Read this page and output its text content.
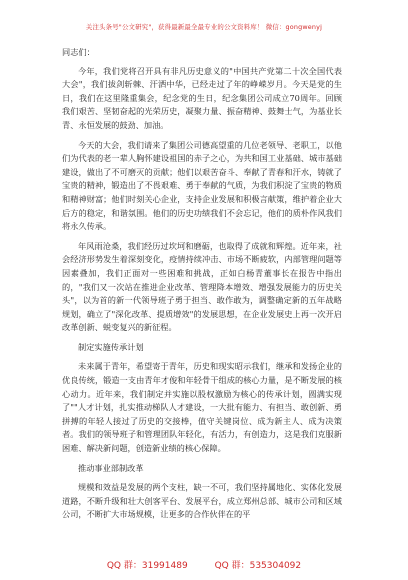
关注头条号"公文研究"，获得最新最全最专业的公文资料库！ 微信：gongwenyj

同志们：

今年，我们党将召开具有非凡历史意义的"中国共产党第二十次全国代表大会"，我们拔剑斩棘、汗洒中华，已经走过了年的峥嵘岁月。今天是党的生日，我们在这里隆重集会，纪念党的生日，纪念集团公司成立70周年。回顾我们艰苦、坚韧奋起的光荣历史，凝聚力量、振奋精神、鼓舞士气，为基业长青、永恒发展的鼓劲、加油。

今天的大会，我们请来了集团公司德高望重的几位老领导、老职工，以他们为代表的老一辈人胸怀建设祖国的赤子之心，为共和国工业基础、城市基础建设，做出了不可磨灭的贡献；他们以艰苦奋斗、奉献了青春和汗水，铸就了宝贵的精神，锻造出了不畏艰难、勇于奉献的气质，为我们积淀了宝贵的物质和精神财富；他们时刻关心企业，支持企业发展和积极言献策，维护着企业大后方的稳定，和谐氛围。他们的历史功绩我们不会忘记，他们的质朴作风我们将永久传承。

年风雨沧桑，我们经历过坎坷和磨砺，也取得了成就和辉煌。近年来，社会经济形势发生着深刻变化，疫情持续冲击、市场不断疲软，内部管理问题等因素叠加，我们正面对一些困难和挑战，正如白杨青董事长在报告中指出的，"我们又一次站在推进企业改革、管理降本增效、增强发展能力的历史关头"，以为首的新一代领导班子勇于担当、敢作敢为，调整确定新的五年战略规划，确立了"深化改革、提质增效"的发展思想，在企业发展史上再一次开启改革创新、蜕变复兴的新征程。

制定实施传承计划

未来属于青年，希望寄于青年，历史和现实昭示我们，继承和发扬企业的优良传统，锻造一支由青年才俊和年轻骨干组成的核心力量，是不断发展的核心动力。近年来，我们制定并实施以股权激励为核心的传承计划，圆满实现了""人才计划，扎实推动梯队人才建设，一大批有能力、有担当、敢创新、勇拼搏的年轻人接过了历史的交接棒，值守关键岗位、成为新主人、成为决策者。我们的领导班子和管理团队年轻化，有活力，有创造力，这是我们克服新困难、解决新问题，创造新业绩的核心保障。

推动事业部制改革

规模和效益是发展的两个支柱，缺一不可，我们坚持属地化、实体化发展道路，不断升级和壮大创客平台、发展平台，成立郑州总部、城市公司和区域公司，不断扩大市场规模，让更多的合作伙伴在的平

QQ 群：31991489	QQ 群：535304092
